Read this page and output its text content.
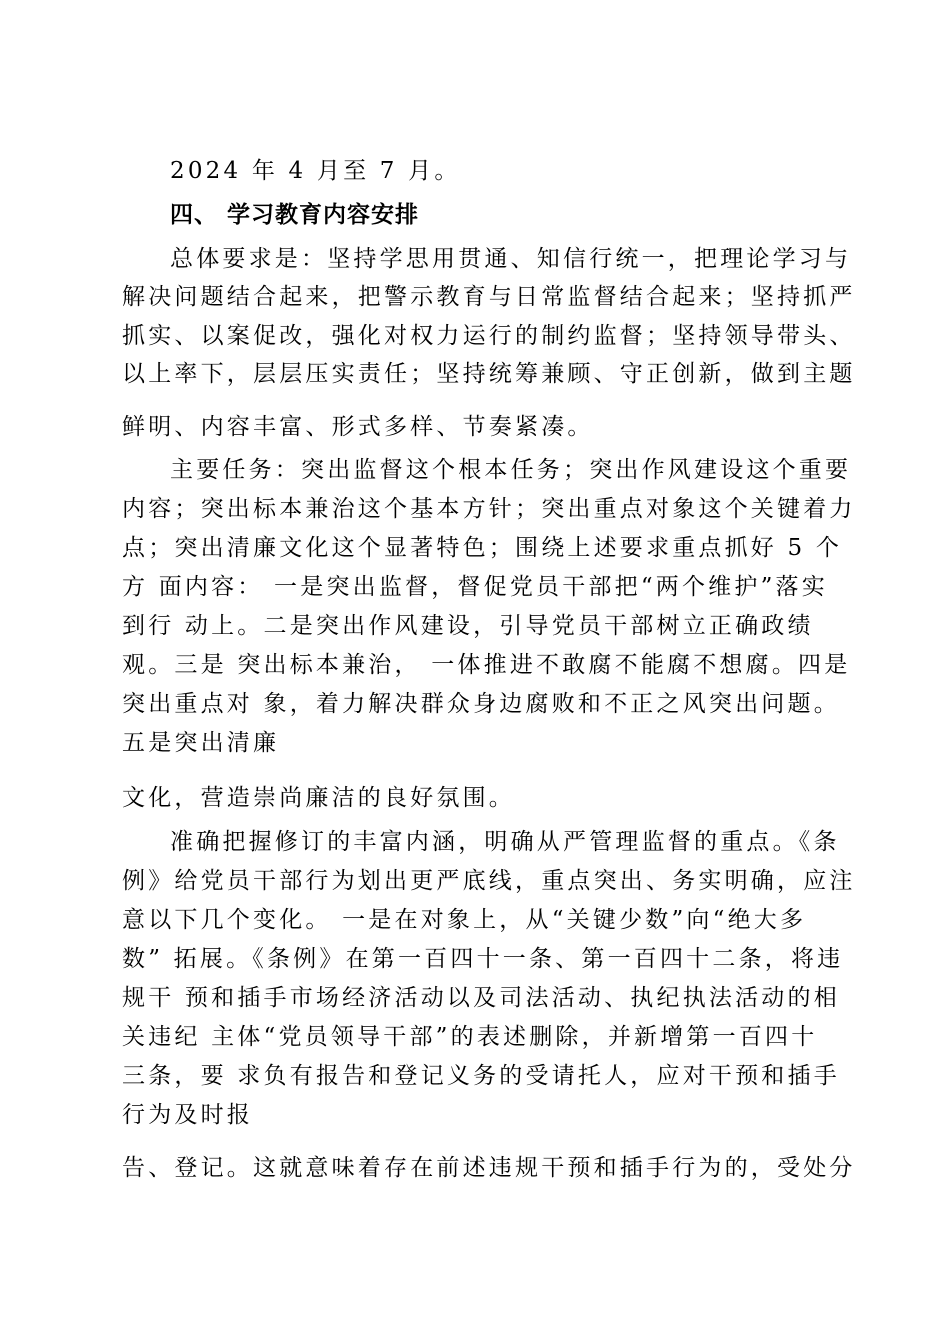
2024 年 4 月至 7 月。
四、 学习教育内容安排
总体要求是：坚持学思用贯通、知信行统一，把理论学习与
解决问题结合起来，把警示教育与日常监督结合起来；坚持抓严
抓实、以案促改，强化对权力运行的制约监督；坚持领导带头、
以上率下，层层压实责任；坚持统筹兼顾、守正创新，做到主题
鲜明、内容丰富、形式多样、节奏紧凑。
主要任务：突出监督这个根本任务；突出作风建设这个重要
内容；突出标本兼治这个基本方针；突出重点对象这个关键着力
点；突出清廉文化这个显著特色；围绕上述要求重点抓好 5 个
方 面内容： 一是突出监督，督促党员干部把“两个维护”落实
到行 动上。二是突出作风建设，引导党员干部树立正确政绩
观。三是 突出标本兼治， 一体推进不敢腐不能腐不想腐。四是
突出重点对 象，着力解决群众身边腐败和不正之风突出问题。
五是突出清廉
文化，营造崇尚廉洁的良好氛围。
准确把握修订的丰富内涵，明确从严管理监督的重点。《条
例》给党员干部行为划出更严底线，重点突出、务实明确，应注
意以下几个变化。 一是在对象上，从“关键少数”向“绝大多
数” 拓展。《条例》在第一百四十一条、第一百四十二条，将违
规干 预和插手市场经济活动以及司法活动、执纪执法活动的相
关违纪 主体“党员领导干部”的表述删除，并新增第一百四十
三条，要 求负有报告和登记义务的受请托人，应对干预和插手
行为及时报
告、登记。这就意味着存在前述违规干预和插手行为的，受处分
